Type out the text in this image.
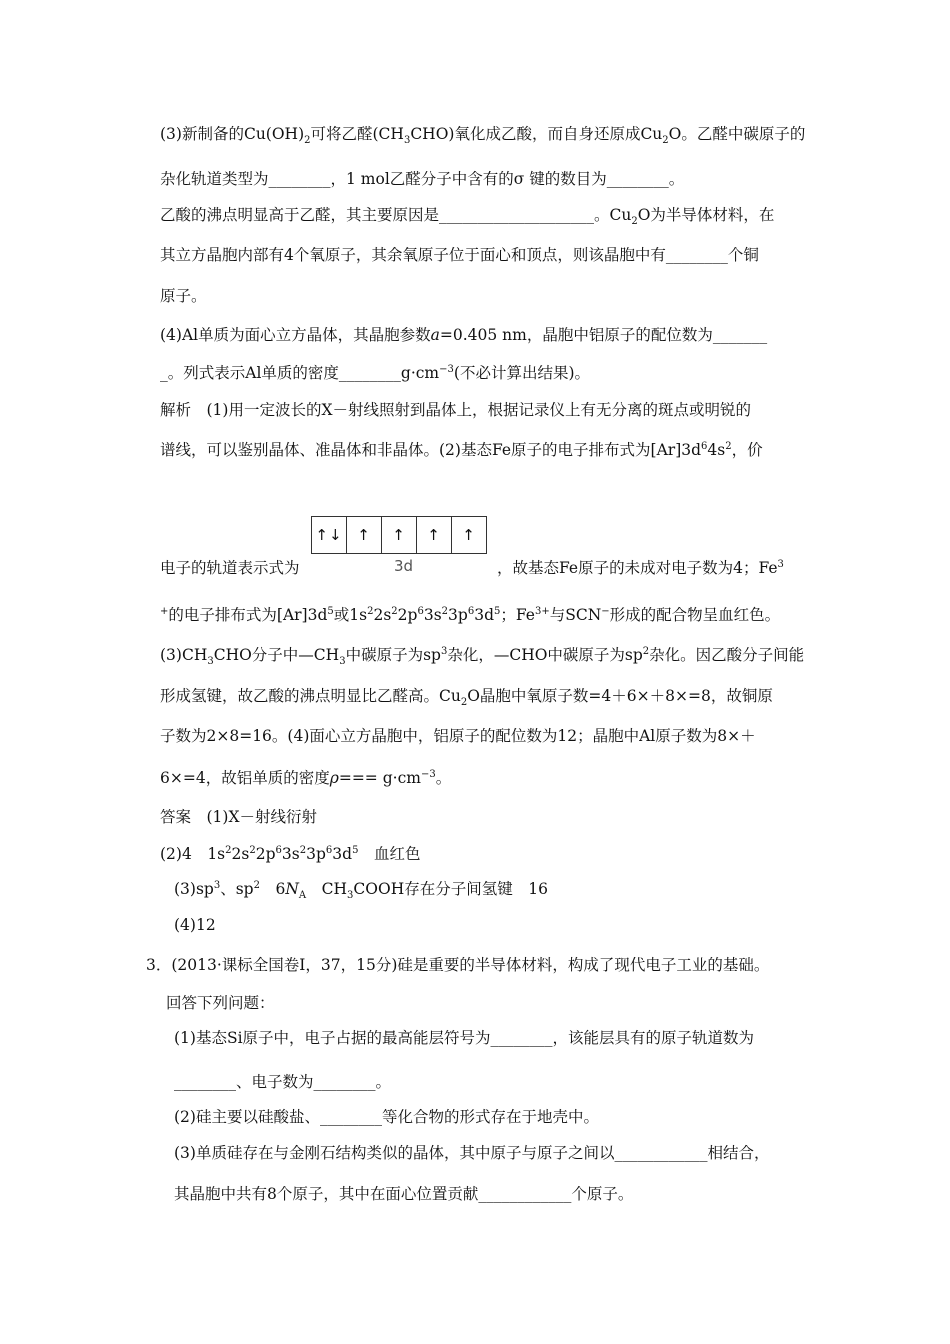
(3)新制备的$Cu(OH)_2$可将乙醛$(CH_3CHO)$氧化成乙酸，而自身还原成$Cu_2O$。乙醛中碳原子的
杂化轨道类型为________，1 mol乙醛分子中含有的σ 键的数目为________。
乙酸的沸点明显高于乙醛，其主要原因是____________________。$Cu_2O$为半导体材料，在
其立方晶胞内部有4个氧原子，其余氧原子位于面心和顶点，则该晶胞中有________个铜
原子。
(4)Al单质为面心立方晶体，其晶胞参数a=0.405 nm，晶胞中铝原子的配位数为_______
_。列式表示Al单质的密度$\_\_\_\_\_\_\_\_g\cdot cm^{-3}$(不必计算出结果)。
解析　(1)用一定波长的X－射线照射到晶体上，根据记录仪上有无分离的斑点或明锐的
谱线，可以鉴别晶体、准晶体和非晶体。(2)基态Fe原子的电子排布式为$[Ar]3d^64s^2$，价
↑↓ ↑	↑	↑	↑
3d
电子的轨道表示式为	，故基态Fe原子的未成对电子数为4；Fe$^3$
+的电子排布式为$[Ar]3d^5$或$1s^22s^22p^63s^23p^63d^5$；$Fe^{3+}$与SCN−形成的配合物呈血红色。
$(3)CH_3CHO$分子中$—CH_3$中碳原子为$sp^3$杂化，—CHO中碳原子为$sp^2$杂化。因乙酸分子间能
形成氢键，故乙酸的沸点明显比乙醛高。$Cu_2O$晶胞中氧原子数=4＋6×＋8×=8，故铜原
子数为2×8=16。(4)面心立方晶胞中，铝原子的配位数为12；晶胞中Al原子数为8×＋
6×=4，故铝单质的密度$\rho=== g\cdot cm^{-3}$。
答案　(1)X－射线衍射
(2)4　$1s^22s^22p^63s^23p^63d^5$　血红色
$(3)sp^3$、$sp^2$　$6N_A$　$CH_3COOH$存在分子间氢键　16
(4)12
3．(2013·课标全国卷Ⅰ，37，15分)硅是重要的半导体材料，构成了现代电子工业的基础。
回答下列问题：
(1)基态Si原子中，电子占据的最高能层符号为________，该能层具有的原子轨道数为
________、电子数为________。
(2)硅主要以硅酸盐、________等化合物的形式存在于地壳中。
(3)单质硅存在与金刚石结构类似的晶体，其中原子与原子之间以____________相结合，
其晶胞中共有8个原子，其中在面心位置贡献____________个原子。
